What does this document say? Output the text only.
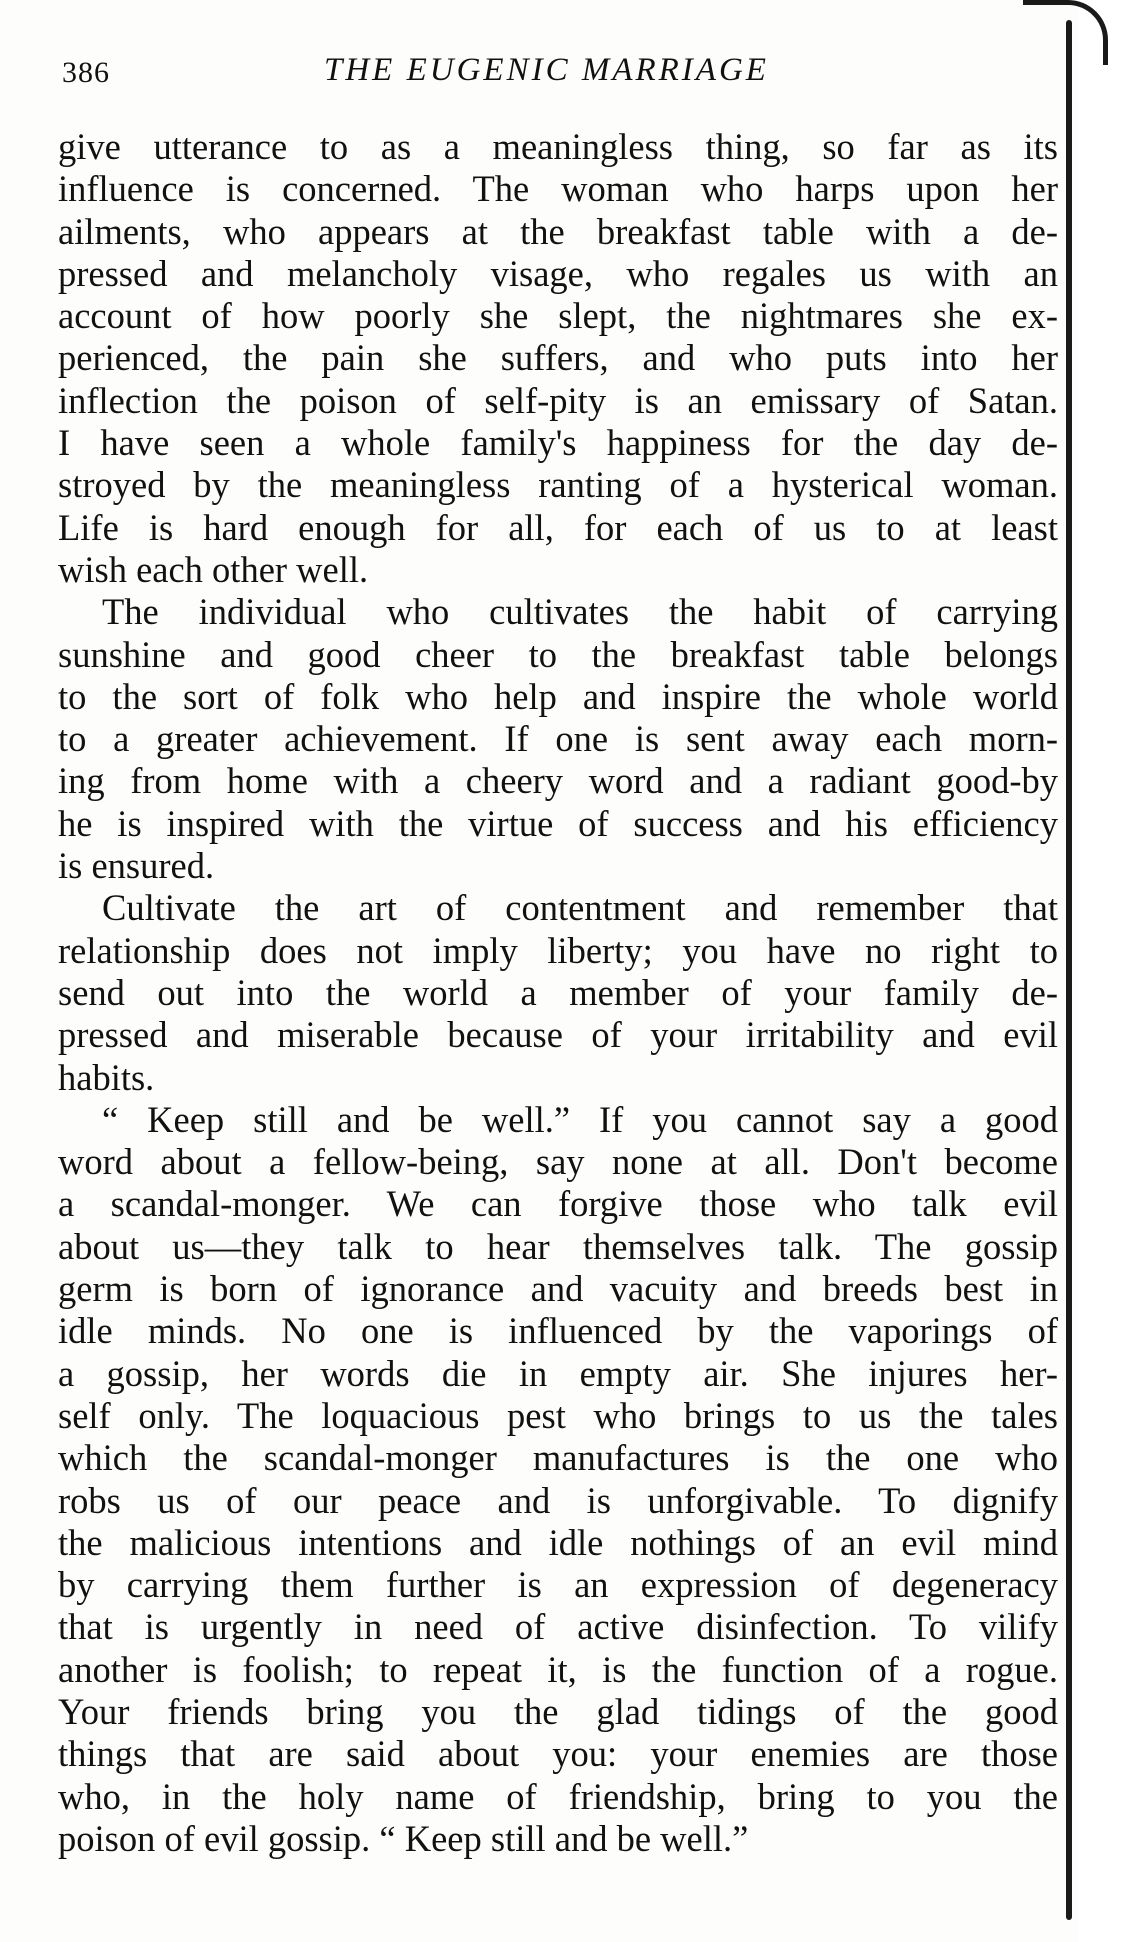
386	THE EUGENIC MARRIAGE
give utterance to as a meaningless thing, so far as its
influence is concerned. The woman who harps upon her
ailments, who appears at the breakfast table with a de-
pressed and melancholy visage, who regales us with an
account of how poorly she slept, the nightmares she ex-
perienced, the pain she suffers, and who puts into her
inflection the poison of self-pity is an emissary of Satan.
I have seen a whole family's happiness for the day de-
stroyed by the meaningless ranting of a hysterical woman.
Life is hard enough for all, for each of us to at least
wish each other well.
The individual who cultivates the habit of carrying
sunshine and good cheer to the breakfast table belongs
to the sort of folk who help and inspire the whole world
to a greater achievement. If one is sent away each morn-
ing from home with a cheery word and a radiant good-by
he is inspired with the virtue of success and his efficiency
is ensured.
Cultivate the art of contentment and remember that
relationship does not imply liberty; you have no right to
send out into the world a member of your family de-
pressed and miserable because of your irritability and evil
habits.
“ Keep still and be well.” If you cannot say a good
word about a fellow-being, say none at all. Don't become
a scandal-monger. We can forgive those who talk evil
about us—they talk to hear themselves talk. The gossip
germ is born of ignorance and vacuity and breeds best in
idle minds. No one is influenced by the vaporings of
a gossip, her words die in empty air. She injures her-
self only. The loquacious pest who brings to us the tales
which the scandal-monger manufactures is the one who
robs us of our peace and is unforgivable. To dignify
the malicious intentions and idle nothings of an evil mind
by carrying them further is an expression of degeneracy
that is urgently in need of active disinfection. To vilify
another is foolish; to repeat it, is the function of a rogue.
Your friends bring you the glad tidings of the good
things that are said about you: your enemies are those
who, in the holy name of friendship, bring to you the
poison of evil gossip. “ Keep still and be well.”
